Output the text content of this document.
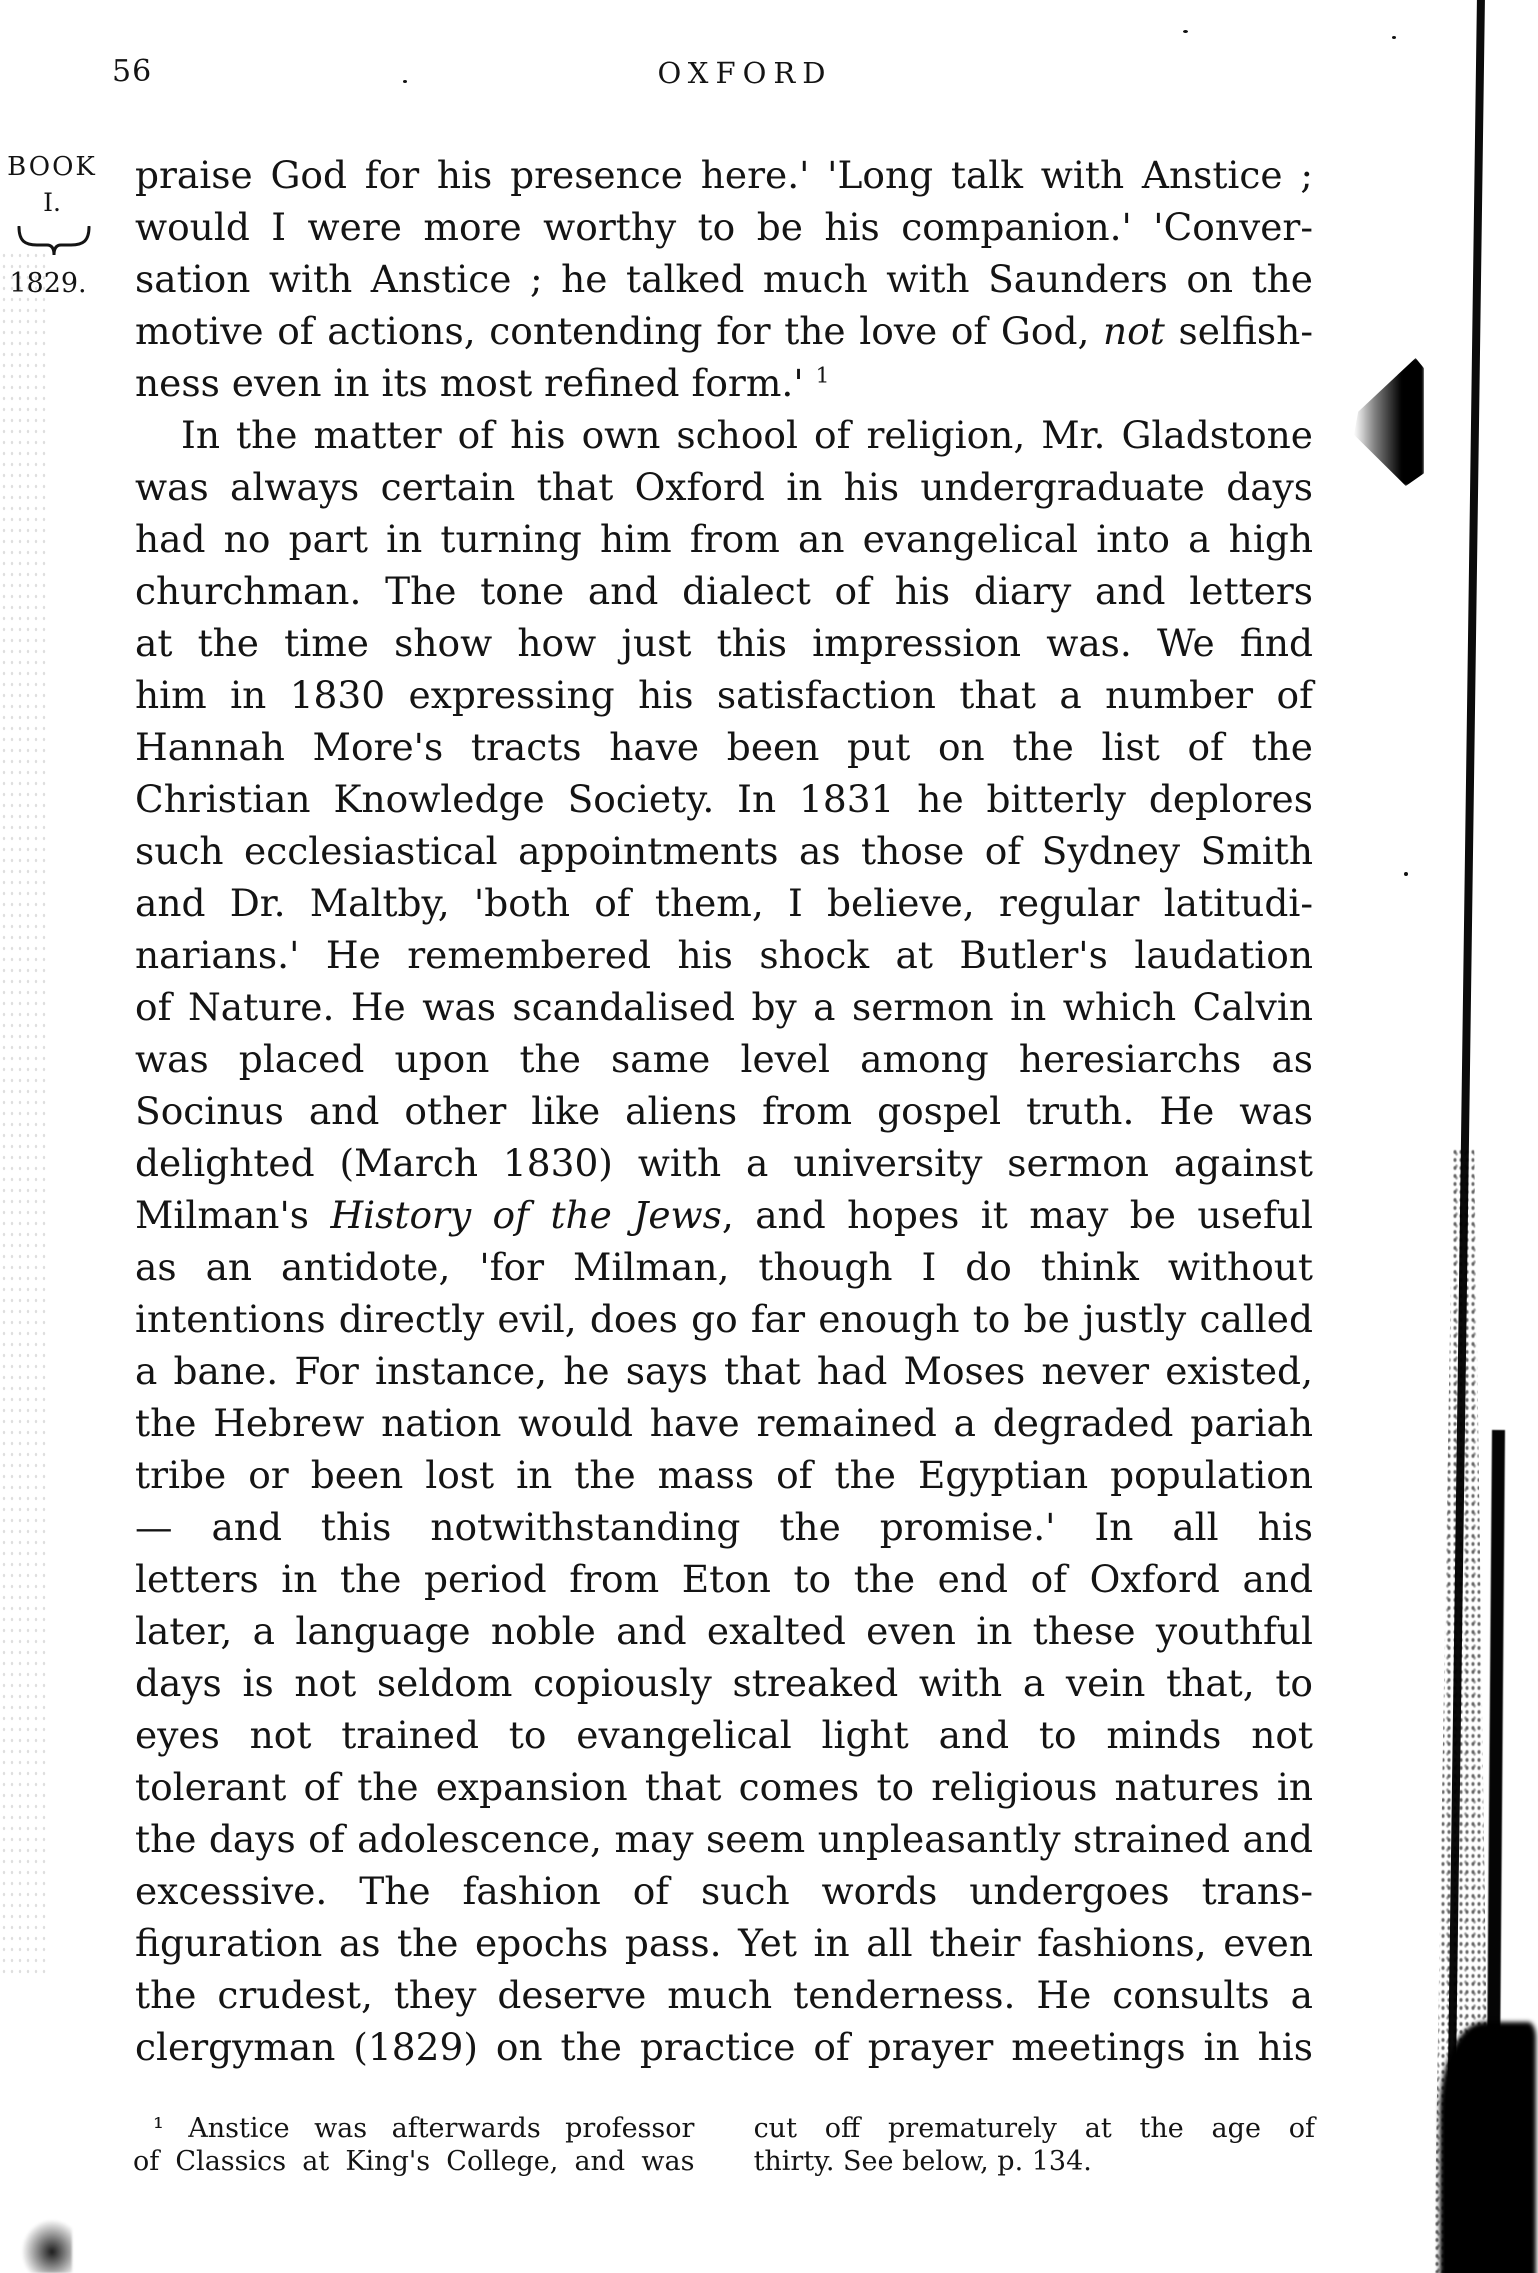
56	OXFORD
BOOK
I.
1829.
praise God for his presence here.' 'Long talk with Anstice ;
would I were more worthy to be his companion.' 'Conver-
sation with Anstice ; he talked much with Saunders on the
motive of actions, contending for the love of God, not selfish-
ness even in its most refined form.' $^1$
In the matter of his own school of religion, Mr. Gladstone
was always certain that Oxford in his undergraduate days
had no part in turning him from an evangelical into a high
churchman. The tone and dialect of his diary and letters
at the time show how just this impression was. We find
him in 1830 expressing his satisfaction that a number of
Hannah More's tracts have been put on the list of the
Christian Knowledge Society. In 1831 he bitterly deplores
such ecclesiastical appointments as those of Sydney Smith
and Dr. Maltby, 'both of them, I believe, regular latitudi-
narians.' He remembered his shock at Butler's laudation
of Nature. He was scandalised by a sermon in which Calvin
was placed upon the same level among heresiarchs as
Socinus and other like aliens from gospel truth. He was
delighted (March 1830) with a university sermon against
Milman's History of the Jews, and hopes it may be useful
as an antidote, 'for Milman, though I do think without
intentions directly evil, does go far enough to be justly called
a bane. For instance, he says that had Moses never existed,
the Hebrew nation would have remained a degraded pariah
tribe or been lost in the mass of the Egyptian population
— and this notwithstanding the promise.' In all his
letters in the period from Eton to the end of Oxford and
later, a language noble and exalted even in these youthful
days is not seldom copiously streaked with a vein that, to
eyes not trained to evangelical light and to minds not
tolerant of the expansion that comes to religious natures in
the days of adolescence, may seem unpleasantly strained and
excessive. The fashion of such words undergoes trans-
figuration as the epochs pass. Yet in all their fashions, even
the crudest, they deserve much tenderness. He consults a
clergyman (1829) on the practice of prayer meetings in his
¹ Anstice was afterwards professor
of Classics at King's College, and was
cut off prematurely at the age of
thirty. See below, p. 134.
